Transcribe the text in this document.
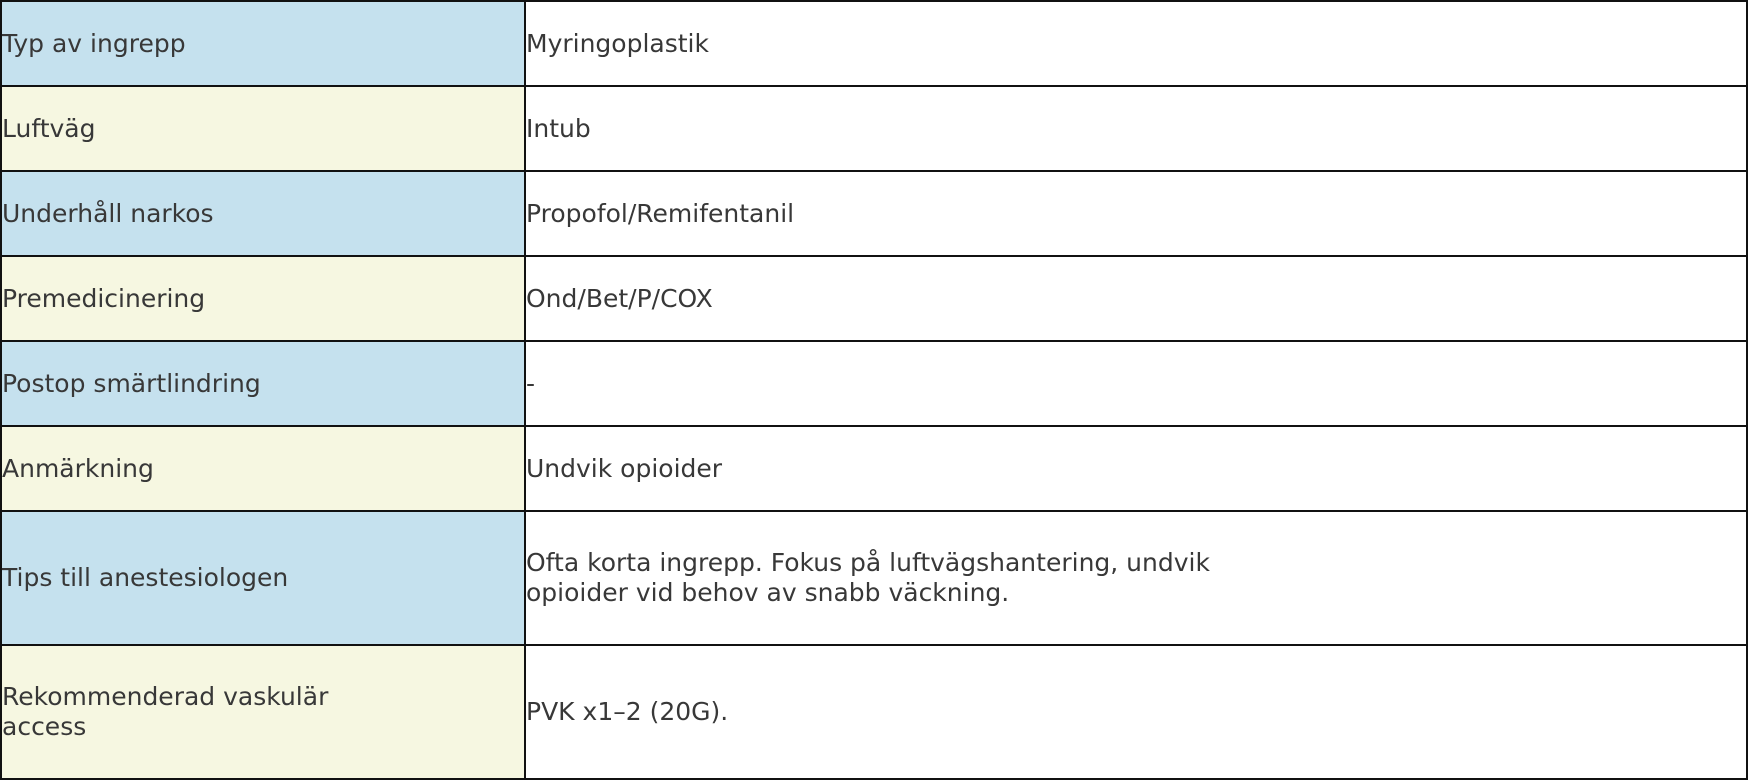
Typ av ingrepp	Myringoplastik

Luftväg	Intub

Underhåll narkos	Propofol/Remifentanil

Premedicinering	Ond/Bet/P/COX

Postop smärtlindring	-

Anmärkning	Undvik opioider

Tips till anestesiologen	Ofta korta ingrepp. Fokus på luftvägshantering, undvik opioider vid behov av snabb väckning.

Rekommenderad vaskulär access	PVK x1–2 (20G).
